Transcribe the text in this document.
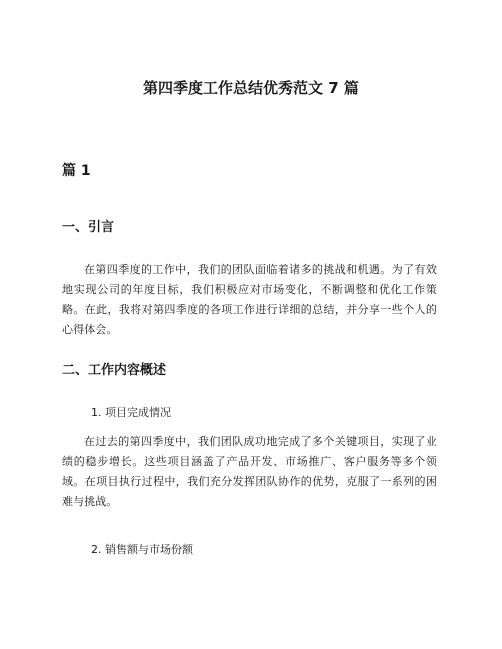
第四季度工作总结优秀范文 7 篇
篇 1
一、引言

在第四季度的工作中，我们的团队面临着诸多的挑战和机遇。为了有效地实现公司的年度目标，我们积极应对市场变化，不断调整和优化工作策略。在此，我将对第四季度的各项工作进行详细的总结，并分享一些个人的心得体会。

二、工作内容概述

1. 项目完成情况

在过去的第四季度中，我们团队成功地完成了多个关键项目，实现了业绩的稳步增长。这些项目涵盖了产品开发、市场推广、客户服务等多个领域。在项目执行过程中，我们充分发挥团队协作的优势，克服了一系列的困难与挑战。

2. 销售额与市场份额
